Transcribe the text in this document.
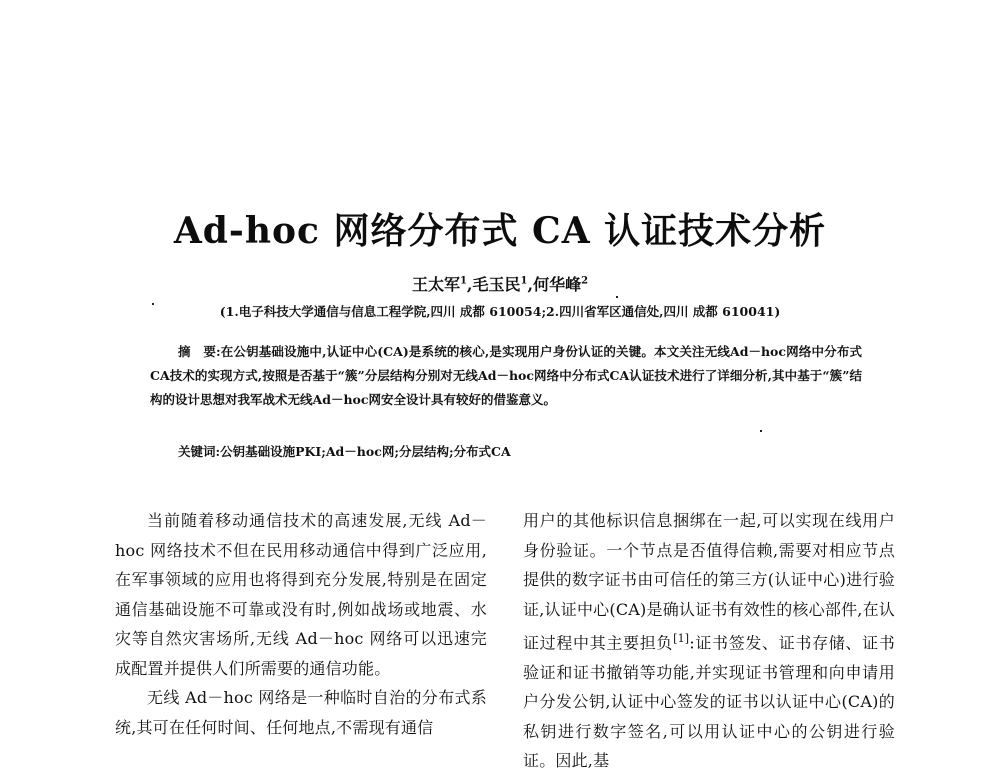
Ad-hoc 网络分布式 CA 认证技术分析
王太军$^1$,毛玉民$^1$,何华峰$^2$
(1.电子科技大学通信与信息工程学院,四川 成都 610054;2.四川省军区通信处,四川 成都 610041)
摘　要:在公钥基础设施中,认证中心(CA)是系统的核心,是实现用户身份认证的关键。本文关注无线Ad－hoc网络中分布式CA技术的实现方式,按照是否基于“簇”分层结构分别对无线Ad－hoc网络中分布式CA认证技术进行了详细分析,其中基于“簇”结构的设计思想对我军战术无线Ad－hoc网安全设计具有较好的借鉴意义。
关键词:公钥基础设施PKI;Ad－hoc网;分层结构;分布式CA

当前随着移动通信技术的高速发展,无线 Ad－hoc 网络技术不但在民用移动通信中得到广泛应用,在军事领域的应用也将得到充分发展,特别是在固定通信基础设施不可靠或没有时,例如战场或地震、水灾等自然灾害场所,无线 Ad－hoc 网络可以迅速完成配置并提供人们所需要的通信功能。

无线 Ad－hoc 网络是一种临时自治的分布式系统,其可在任何时间、任何地点,不需现有通信

用户的其他标识信息捆绑在一起,可以实现在线用户身份验证。一个节点是否值得信赖,需要对相应节点提供的数字证书由可信任的第三方(认证中心)进行验证,认证中心(CA)是确认证书有效性的核心部件,在认证过程中其主要担负[1]:证书签发、证书存储、证书验证和证书撤销等功能,并实现证书管理和向申请用户分发公钥,认证中心签发的证书以认证中心(CA)的私钥进行数字签名,可以用认证中心的公钥进行验证。因此,基
